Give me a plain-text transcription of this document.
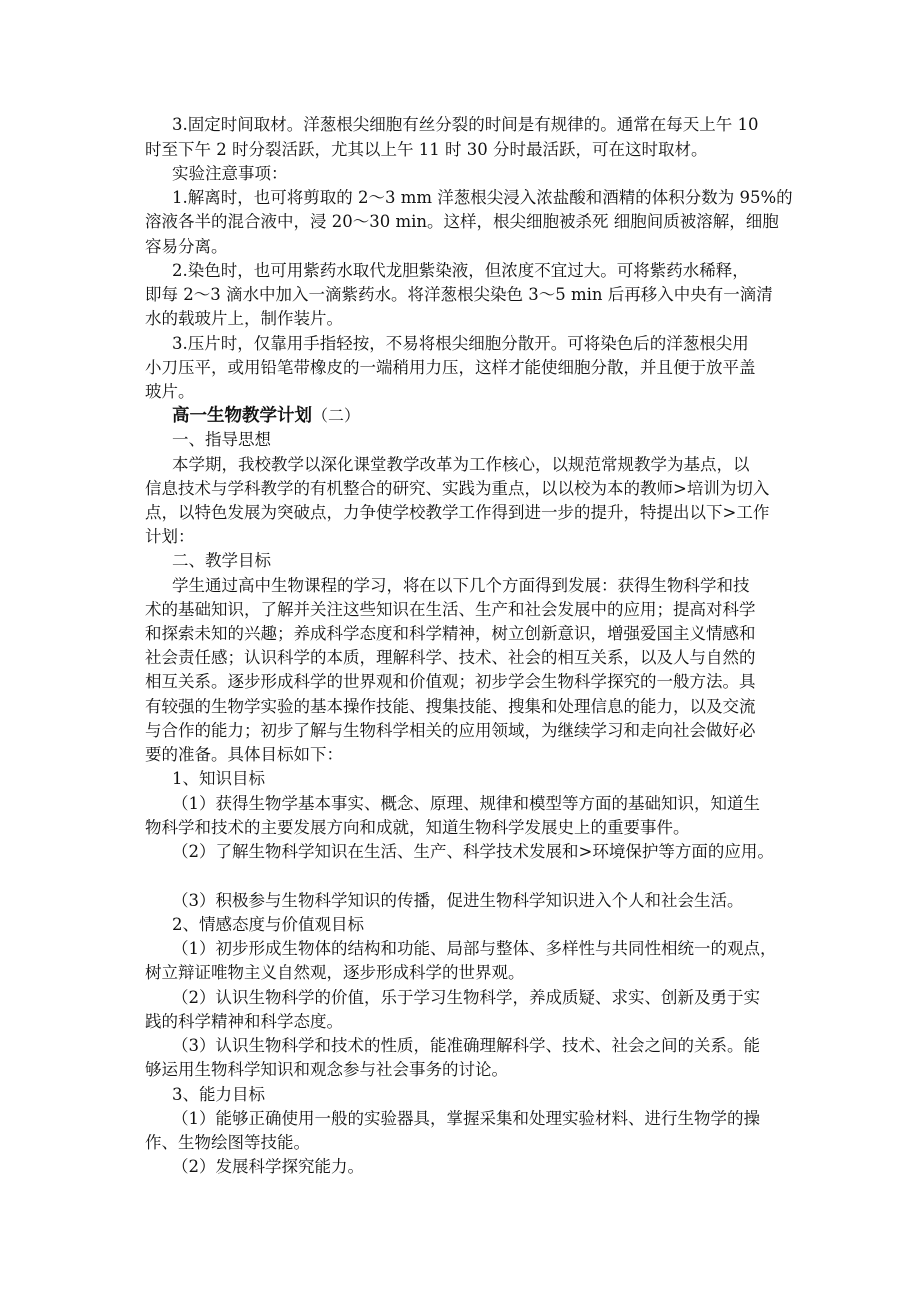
3.固定时间取材。洋葱根尖细胞有丝分裂的时间是有规律的。通常在每天上午 10
时至下午 2 时分裂活跃，尤其以上午 11 时 30 分时最活跃，可在这时取材。
实验注意事项：
1.解离时，也可将剪取的 2～3 mm 洋葱根尖浸入浓盐酸和酒精的体积分数为 95%的
溶液各半的混合液中，浸 20～30 min。这样，根尖细胞被杀死 细胞间质被溶解，细胞
容易分离。
2.染色时，也可用紫药水取代龙胆紫染液，但浓度不宜过大。可将紫药水稀释，
即每 2～3 滴水中加入一滴紫药水。将洋葱根尖染色 3～5 min 后再移入中央有一滴清
水的载玻片上，制作装片。
3.压片时，仅靠用手指轻按，不易将根尖细胞分散开。可将染色后的洋葱根尖用
小刀压平，或用铅笔带橡皮的一端稍用力压，这样才能使细胞分散，并且便于放平盖
玻片。
高一生物教学计划（二）
一、指导思想
本学期，我校教学以深化课堂教学改革为工作核心，以规范常规教学为基点，以
信息技术与学科教学的有机整合的研究、实践为重点，以以校为本的教师>培训为切入
点，以特色发展为突破点，力争使学校教学工作得到进一步的提升，特提出以下>工作
计划：
二、教学目标
学生通过高中生物课程的学习，将在以下几个方面得到发展：获得生物科学和技
术的基础知识，了解并关注这些知识在生活、生产和社会发展中的应用；提高对科学
和探索未知的兴趣；养成科学态度和科学精神，树立创新意识，增强爱国主义情感和
社会责任感；认识科学的本质，理解科学、技术、社会的相互关系，以及人与自然的
相互关系。逐步形成科学的世界观和价值观；初步学会生物科学探究的一般方法。具
有较强的生物学实验的基本操作技能、搜集技能、搜集和处理信息的能力，以及交流
与合作的能力；初步了解与生物科学相关的应用领域，为继续学习和走向社会做好必
要的准备。具体目标如下：
1、知识目标
（1）获得生物学基本事实、概念、原理、规律和模型等方面的基础知识，知道生
物科学和技术的主要发展方向和成就，知道生物科学发展史上的重要事件。
（2）了解生物科学知识在生活、生产、科学技术发展和>环境保护等方面的应用。
（3）积极参与生物科学知识的传播，促进生物科学知识进入个人和社会生活。
2、情感态度与价值观目标
（1）初步形成生物体的结构和功能、局部与整体、多样性与共同性相统一的观点，
树立辩证唯物主义自然观，逐步形成科学的世界观。
（2）认识生物科学的价值，乐于学习生物科学，养成质疑、求实、创新及勇于实
践的科学精神和科学态度。
（3）认识生物科学和技术的性质，能准确理解科学、技术、社会之间的关系。能
够运用生物科学知识和观念参与社会事务的讨论。
3、能力目标
（1）能够正确使用一般的实验器具，掌握采集和处理实验材料、进行生物学的操
作、生物绘图等技能。
（2）发展科学探究能力。
